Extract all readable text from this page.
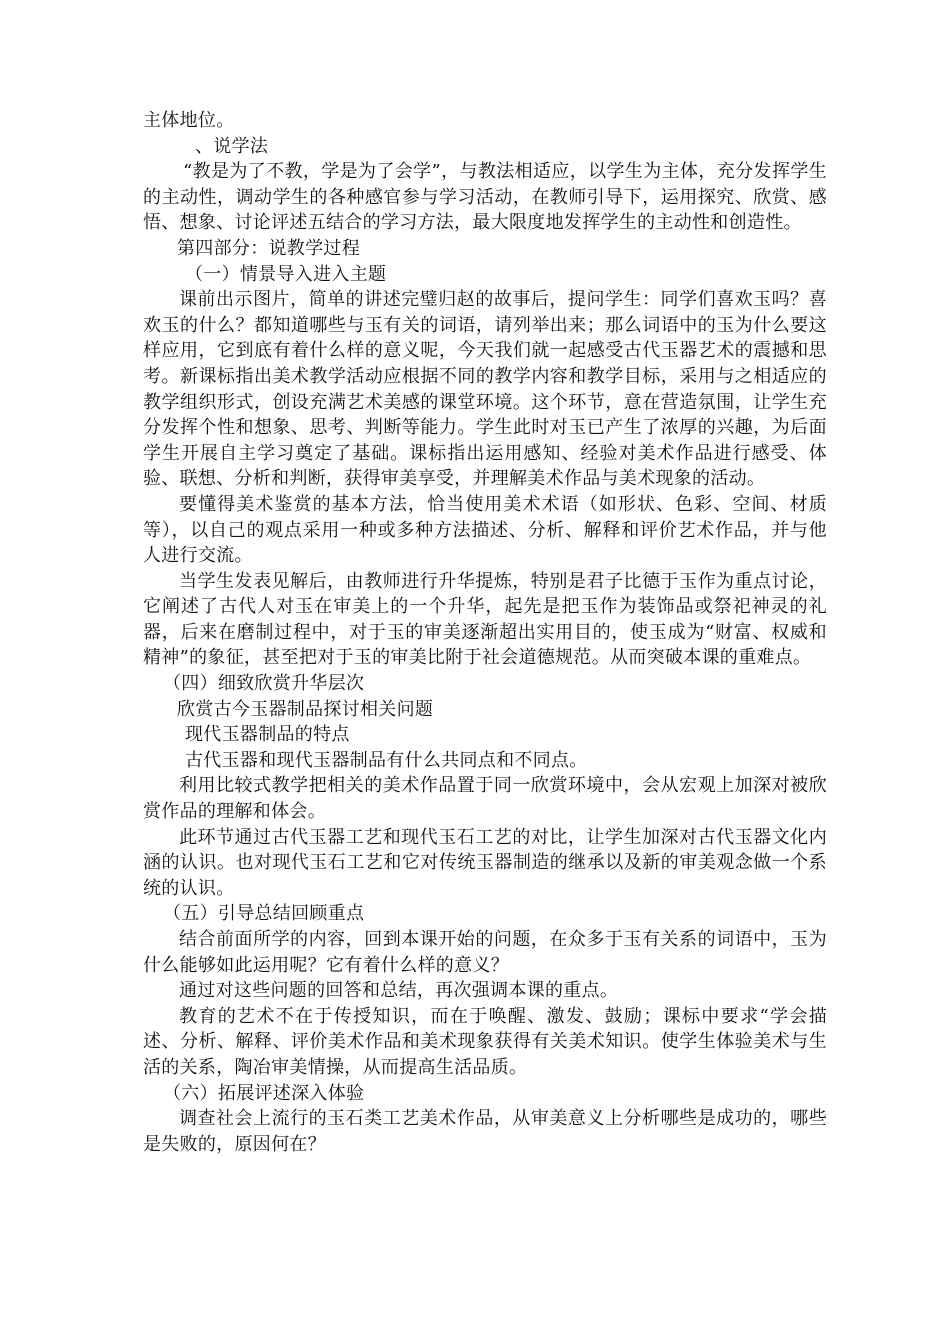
主体地位。
、说学法
“教是为了不教，学是为了会学”，与教法相适应，以学生为主体，充分发挥学生的主动性，调动学生的各种感官参与学习活动，在教师引导下，运用探究、欣赏、感悟、想象、讨论评述五结合的学习方法，最大限度地发挥学生的主动性和创造性。
第四部分：说教学过程
（一）情景导入进入主题
课前出示图片，简单的讲述完璧归赵的故事后，提问学生：同学们喜欢玉吗？喜欢玉的什么？都知道哪些与玉有关的词语，请列举出来；那么词语中的玉为什么要这样应用，它到底有着什么样的意义呢，今天我们就一起感受古代玉器艺术的震撼和思考。新课标指出美术教学活动应根据不同的教学内容和教学目标，采用与之相适应的教学组织形式，创设充满艺术美感的课堂环境。这个环节，意在营造氛围，让学生充分发挥个性和想象、思考、判断等能力。学生此时对玉已产生了浓厚的兴趣，为后面学生开展自主学习奠定了基础。课标指出运用感知、经验对美术作品进行感受、体验、联想、分析和判断，获得审美享受，并理解美术作品与美术现象的活动。
要懂得美术鉴赏的基本方法，恰当使用美术术语（如形状、色彩、空间、材质等），以自己的观点采用一种或多种方法描述、分析、解释和评价艺术作品，并与他人进行交流。
当学生发表见解后，由教师进行升华提炼，特别是君子比德于玉作为重点讨论，它阐述了古代人对玉在审美上的一个升华，起先是把玉作为装饰品或祭祀神灵的礼器，后来在磨制过程中，对于玉的审美逐渐超出实用目的，使玉成为“财富、权威和精神”的象征，甚至把对于玉的审美比附于社会道德规范。从而突破本课的重难点。
（四）细致欣赏升华层次
欣赏古今玉器制品探讨相关问题
现代玉器制品的特点
古代玉器和现代玉器制品有什么共同点和不同点。
利用比较式教学把相关的美术作品置于同一欣赏环境中，会从宏观上加深对被欣赏作品的理解和体会。
此环节通过古代玉器工艺和现代玉石工艺的对比，让学生加深对古代玉器文化内涵的认识。也对现代玉石工艺和它对传统玉器制造的继承以及新的审美观念做一个系统的认识。
（五）引导总结回顾重点
结合前面所学的内容，回到本课开始的问题，在众多于玉有关系的词语中，玉为什么能够如此运用呢？它有着什么样的意义？
通过对这些问题的回答和总结，再次强调本课的重点。
教育的艺术不在于传授知识，而在于唤醒、激发、鼓励；课标中要求“学会描述、分析、解释、评价美术作品和美术现象获得有关美术知识。使学生体验美术与生活的关系，陶冶审美情操，从而提高生活品质。
（六）拓展评述深入体验
调查社会上流行的玉石类工艺美术作品，从审美意义上分析哪些是成功的，哪些是失败的，原因何在？
